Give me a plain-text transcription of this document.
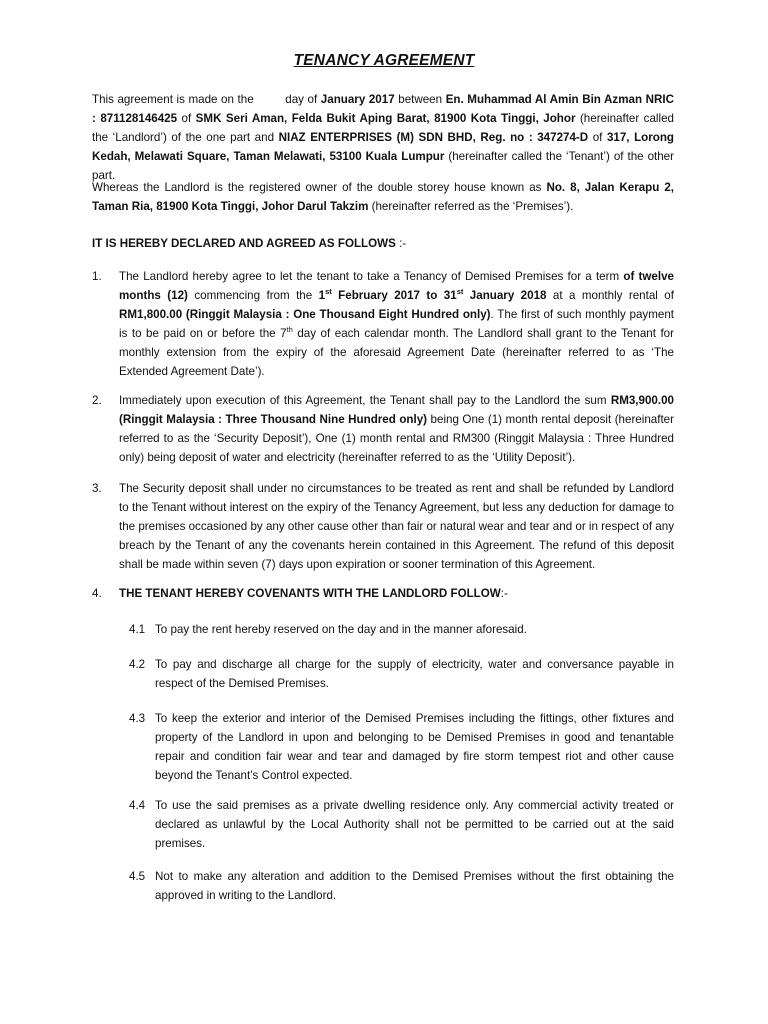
TENANCY AGREEMENT
This agreement is made on the	day of January 2017 between En. Muhammad Al Amin Bin Azman NRIC : 871128146425 of SMK Seri Aman, Felda Bukit Aping Barat, 81900 Kota Tinggi, Johor (hereinafter called the ‘Landlord’) of the one part and NIAZ ENTERPRISES (M) SDN BHD, Reg. no : 347274-D of 317, Lorong Kedah, Melawati Square, Taman Melawati, 53100 Kuala Lumpur (hereinafter called the ‘Tenant’) of the other part.
Whereas the Landlord is the registered owner of the double storey house known as No. 8, Jalan Kerapu 2, Taman Ria, 81900 Kota Tinggi, Johor Darul Takzim (hereinafter referred as the ‘Premises’).
IT IS HEREBY DECLARED AND AGREED AS FOLLOWS :-
1. The Landlord hereby agree to let the tenant to take a Tenancy of Demised Premises for a term of twelve months (12) commencing from the 1st February 2017 to 31st January 2018 at a monthly rental of RM1,800.00 (Ringgit Malaysia : One Thousand Eight Hundred only). The first of such monthly payment is to be paid on or before the 7th day of each calendar month. The Landlord shall grant to the Tenant for monthly extension from the expiry of the aforesaid Agreement Date (hereinafter referred to as ‘The Extended Agreement Date’).
2. Immediately upon execution of this Agreement, the Tenant shall pay to the Landlord the sum RM3,900.00 (Ringgit Malaysia : Three Thousand Nine Hundred only) being One (1) month rental deposit (hereinafter referred to as the ‘Security Deposit’), One (1) month rental and RM300 (Ringgit Malaysia : Three Hundred only) being deposit of water and electricity (hereinafter referred to as the ‘Utility Deposit’).
3. The Security deposit shall under no circumstances to be treated as rent and shall be refunded by Landlord to the Tenant without interest on the expiry of the Tenancy Agreement, but less any deduction for damage to the premises occasioned by any other cause other than fair or natural wear and tear and or in respect of any breach by the Tenant of any the covenants herein contained in this Agreement. The refund of this deposit shall be made within seven (7) days upon expiration or sooner termination of this Agreement.
4. THE TENANT HEREBY COVENANTS WITH THE LANDLORD FOLLOW:-
4.1 To pay the rent hereby reserved on the day and in the manner aforesaid.
4.2 To pay and discharge all charge for the supply of electricity, water and conversance payable in respect of the Demised Premises.
4.3 To keep the exterior and interior of the Demised Premises including the fittings, other fixtures and property of the Landlord in upon and belonging to be Demised Premises in good and tenantable repair and condition fair wear and tear and damaged by fire storm tempest riot and other cause beyond the Tenant’s Control expected.
4.4 To use the said premises as a private dwelling residence only. Any commercial activity treated or declared as unlawful by the Local Authority shall not be permitted to be carried out at the said premises.
4.5 Not to make any alteration and addition to the Demised Premises without the first obtaining the approved in writing to the Landlord.
